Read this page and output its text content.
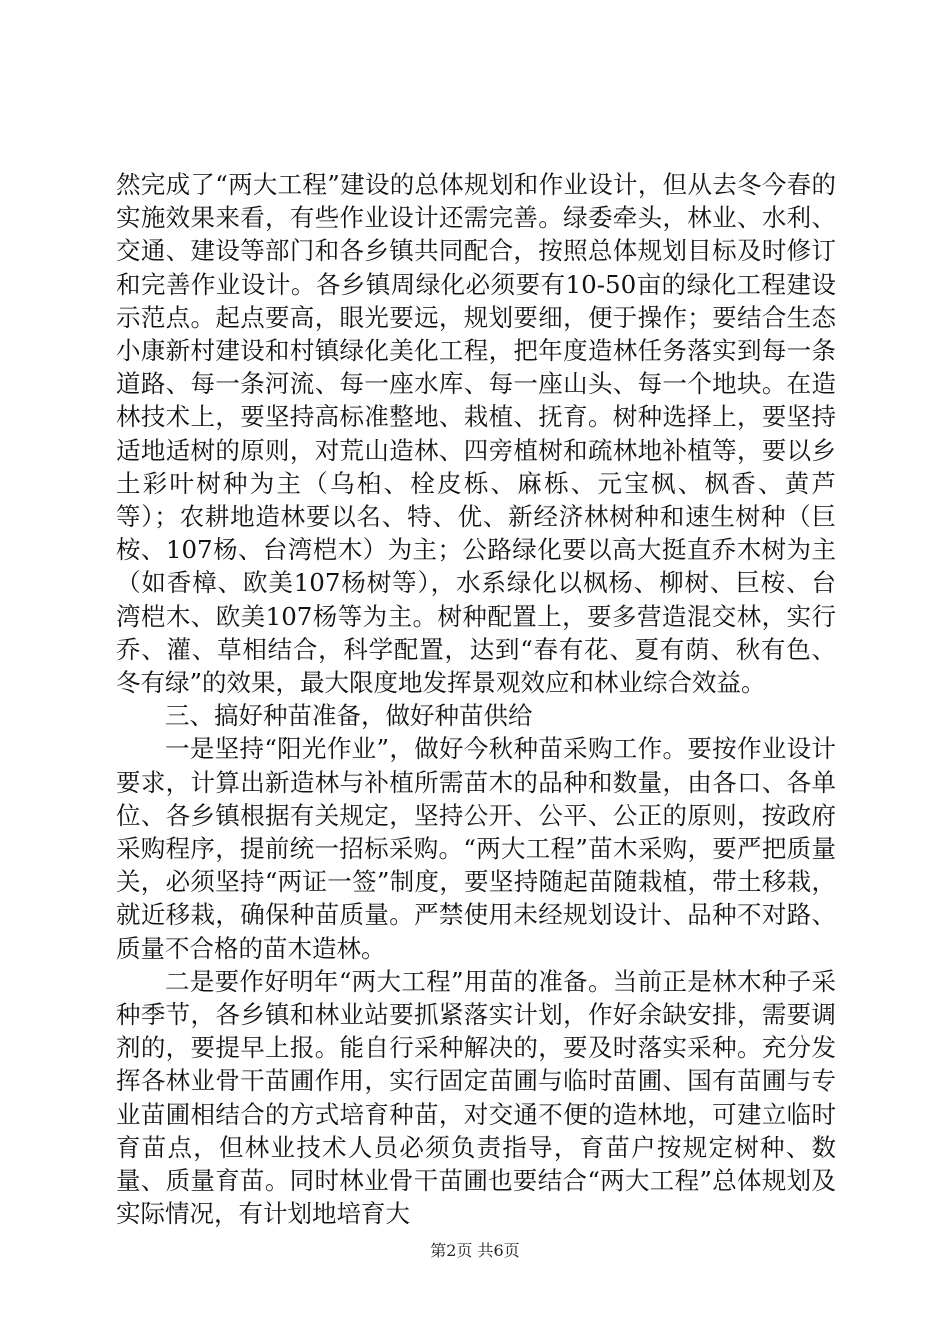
然完成了“两大工程”建设的总体规划和作业设计，但从去冬今春的实施效果来看，有些作业设计还需完善。绿委牵头，林业、水利、交通、建设等部门和各乡镇共同配合，按照总体规划目标及时修订和完善作业设计。各乡镇周绿化必须要有10-50亩的绿化工程建设示范点。起点要高，眼光要远，规划要细，便于操作；要结合生态小康新村建设和村镇绿化美化工程，把年度造林任务落实到每一条道路、每一条河流、每一座水库、每一座山头、每一个地块。在造林技术上，要坚持高标准整地、栽植、抚育。树种选择上，要坚持适地适树的原则，对荒山造林、四旁植树和疏林地补植等，要以乡土彩叶树种为主（乌桕、栓皮栎、麻栎、元宝枫、枫香、黄芦等）；农耕地造林要以名、特、优、新经济林树种和速生树种（巨桉、107杨、台湾桤木）为主；公路绿化要以高大挺直乔木树为主（如香樟、欧美107杨树等），水系绿化以枫杨、柳树、巨桉、台湾桤木、欧美107杨等为主。树种配置上，要多营造混交林，实行乔、灌、草相结合，科学配置，达到“春有花、夏有荫、秋有色、冬有绿”的效果，最大限度地发挥景观效应和林业综合效益。

三、搞好种苗准备，做好种苗供给

一是坚持“阳光作业”，做好今秋种苗采购工作。要按作业设计要求，计算出新造林与补植所需苗木的品种和数量，由各口、各单位、各乡镇根据有关规定，坚持公开、公平、公正的原则，按政府采购程序，提前统一招标采购。“两大工程”苗木采购，要严把质量关，必须坚持“两证一签”制度，要坚持随起苗随栽植，带土移栽，就近移栽，确保种苗质量。严禁使用未经规划设计、品种不对路、质量不合格的苗木造林。

二是要作好明年“两大工程”用苗的准备。当前正是林木种子采种季节，各乡镇和林业站要抓紧落实计划，作好余缺安排，需要调剂的，要提早上报。能自行采种解决的，要及时落实采种。充分发挥各林业骨干苗圃作用，实行固定苗圃与临时苗圃、国有苗圃与专业苗圃相结合的方式培育种苗，对交通不便的造林地，可建立临时育苗点，但林业技术人员必须负责指导，育苗户按规定树种、数量、质量育苗。同时林业骨干苗圃也要结合“两大工程”总体规划及实际情况，有计划地培育大

第2页 共6页
